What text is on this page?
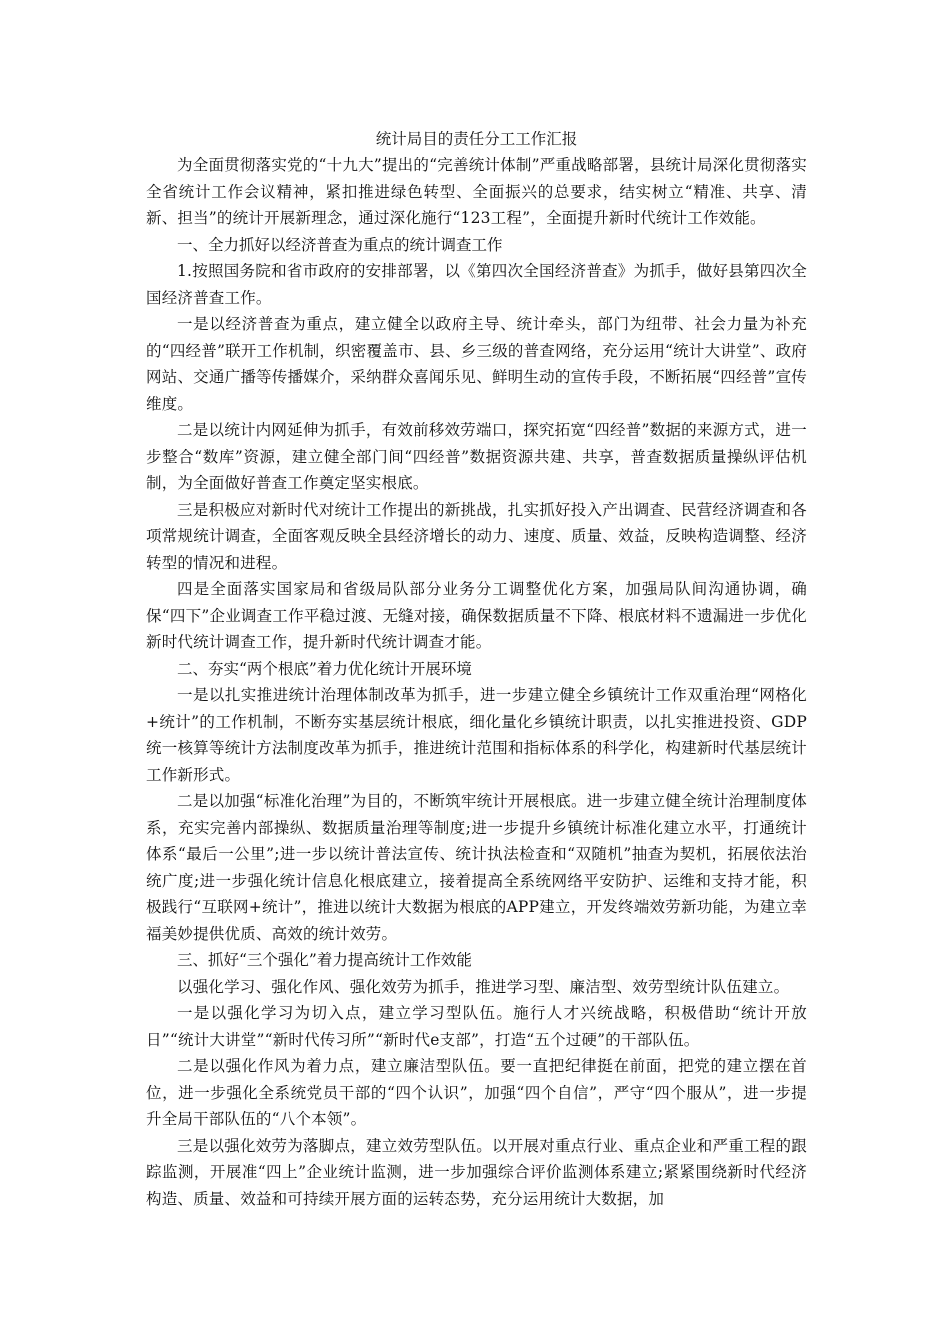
统计局目的责任分工工作汇报

为全面贯彻落实党的“十九大”提出的“完善统计体制”严重战略部署，县统计局深化贯彻落实全省统计工作会议精神，紧扣推进绿色转型、全面振兴的总要求，结实树立“精准、共享、清新、担当”的统计开展新理念，通过深化施行“123工程”，全面提升新时代统计工作效能。

一、全力抓好以经济普查为重点的统计调查工作

1.按照国务院和省市政府的安排部署，以《第四次全国经济普查》为抓手，做好县第四次全国经济普查工作。

一是以经济普查为重点，建立健全以政府主导、统计牵头，部门为纽带、社会力量为补充的“四经普”联开工作机制，织密覆盖市、县、乡三级的普查网络，充分运用“统计大讲堂”、政府网站、交通广播等传播媒介，采纳群众喜闻乐见、鲜明生动的宣传手段，不断拓展“四经普”宣传维度。

二是以统计内网延伸为抓手，有效前移效劳端口，探究拓宽“四经普”数据的来源方式，进一步整合“数库”资源，建立健全部门间“四经普”数据资源共建、共享，普查数据质量操纵评估机制，为全面做好普查工作奠定坚实根底。

三是积极应对新时代对统计工作提出的新挑战，扎实抓好投入产出调查、民营经济调查和各项常规统计调查，全面客观反映全县经济增长的动力、速度、质量、效益，反映构造调整、经济转型的情况和进程。

四是全面落实国家局和省级局队部分业务分工调整优化方案，加强局队间沟通协调，确保“四下”企业调查工作平稳过渡、无缝对接，确保数据质量不下降、根底材料不遗漏进一步优化新时代统计调查工作，提升新时代统计调查才能。

二、夯实“两个根底”着力优化统计开展环境

一是以扎实推进统计治理体制改革为抓手，进一步建立健全乡镇统计工作双重治理“网格化+统计”的工作机制，不断夯实基层统计根底，细化量化乡镇统计职责，以扎实推进投资、GDP统一核算等统计方法制度改革为抓手，推进统计范围和指标体系的科学化，构建新时代基层统计工作新形式。

二是以加强“标准化治理”为目的，不断筑牢统计开展根底。进一步建立健全统计治理制度体系，充实完善内部操纵、数据质量治理等制度;进一步提升乡镇统计标准化建立水平，打通统计体系“最后一公里”;进一步以统计普法宣传、统计执法检查和“双随机”抽查为契机，拓展依法治统广度;进一步强化统计信息化根底建立，接着提高全系统网络平安防护、运维和支持才能，积极践行“互联网+统计”，推进以统计大数据为根底的APP建立，开发终端效劳新功能，为建立幸福美妙提供优质、高效的统计效劳。

三、抓好“三个强化”着力提高统计工作效能

以强化学习、强化作风、强化效劳为抓手，推进学习型、廉洁型、效劳型统计队伍建立。

一是以强化学习为切入点，建立学习型队伍。施行人才兴统战略，积极借助“统计开放日”“统计大讲堂”“新时代传习所”“新时代e支部”，打造“五个过硬”的干部队伍。

二是以强化作风为着力点，建立廉洁型队伍。要一直把纪律挺在前面，把党的建立摆在首位，进一步强化全系统党员干部的“四个认识”，加强“四个自信”，严守“四个服从”，进一步提升全局干部队伍的“八个本领”。

三是以强化效劳为落脚点，建立效劳型队伍。以开展对重点行业、重点企业和严重工程的跟踪监测，开展准“四上”企业统计监测，进一步加强综合评价监测体系建立;紧紧围绕新时代经济构造、质量、效益和可持续开展方面的运转态势，充分运用统计大数据，加
